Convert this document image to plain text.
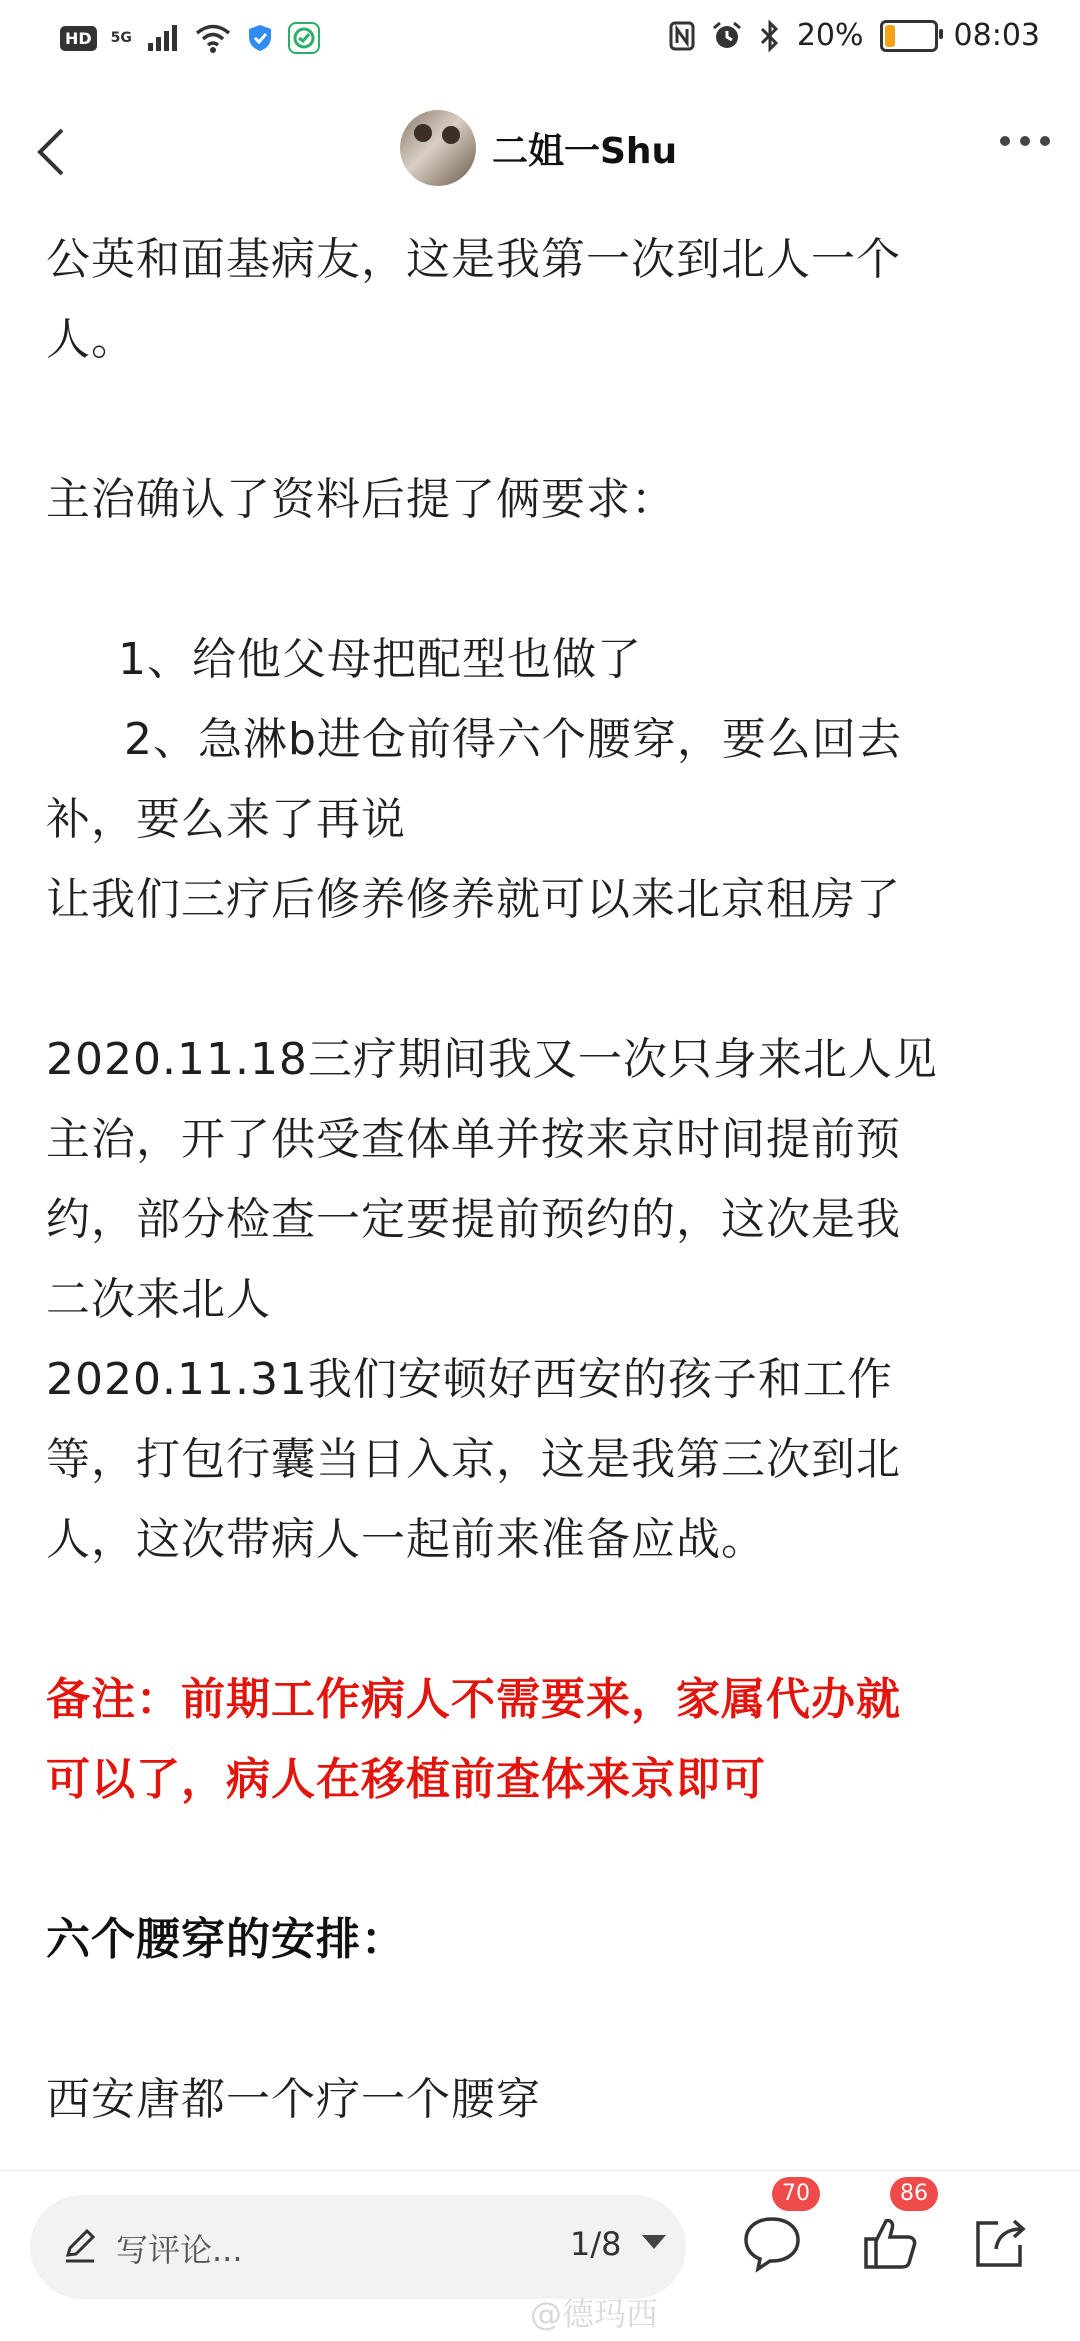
HD	5G	20%	08:03
二姐一Shu

公英和面基病友，这是我第一次到北人一个

人。

主治确认了资料后提了俩要求：

1、给他父母把配型也做了

2、急淋b进仓前得六个腰穿，要么回去

补，要么来了再说

让我们三疗后修养修养就可以来北京租房了

2020.11.18三疗期间我又一次只身来北人见

主治，开了供受查体单并按来京时间提前预

约，部分检查一定要提前预约的，这次是我

二次来北人

2020.11.31我们安顿好西安的孩子和工作

等，打包行囊当日入京，这是我第三次到北

人，这次带病人一起前来准备应战。

备注：前期工作病人不需要来，家属代办就

可以了，病人在移植前查体来京即可

六个腰穿的安排：

西安唐都一个疗一个腰穿

写评论...	1/8
70	86
@德玛西
